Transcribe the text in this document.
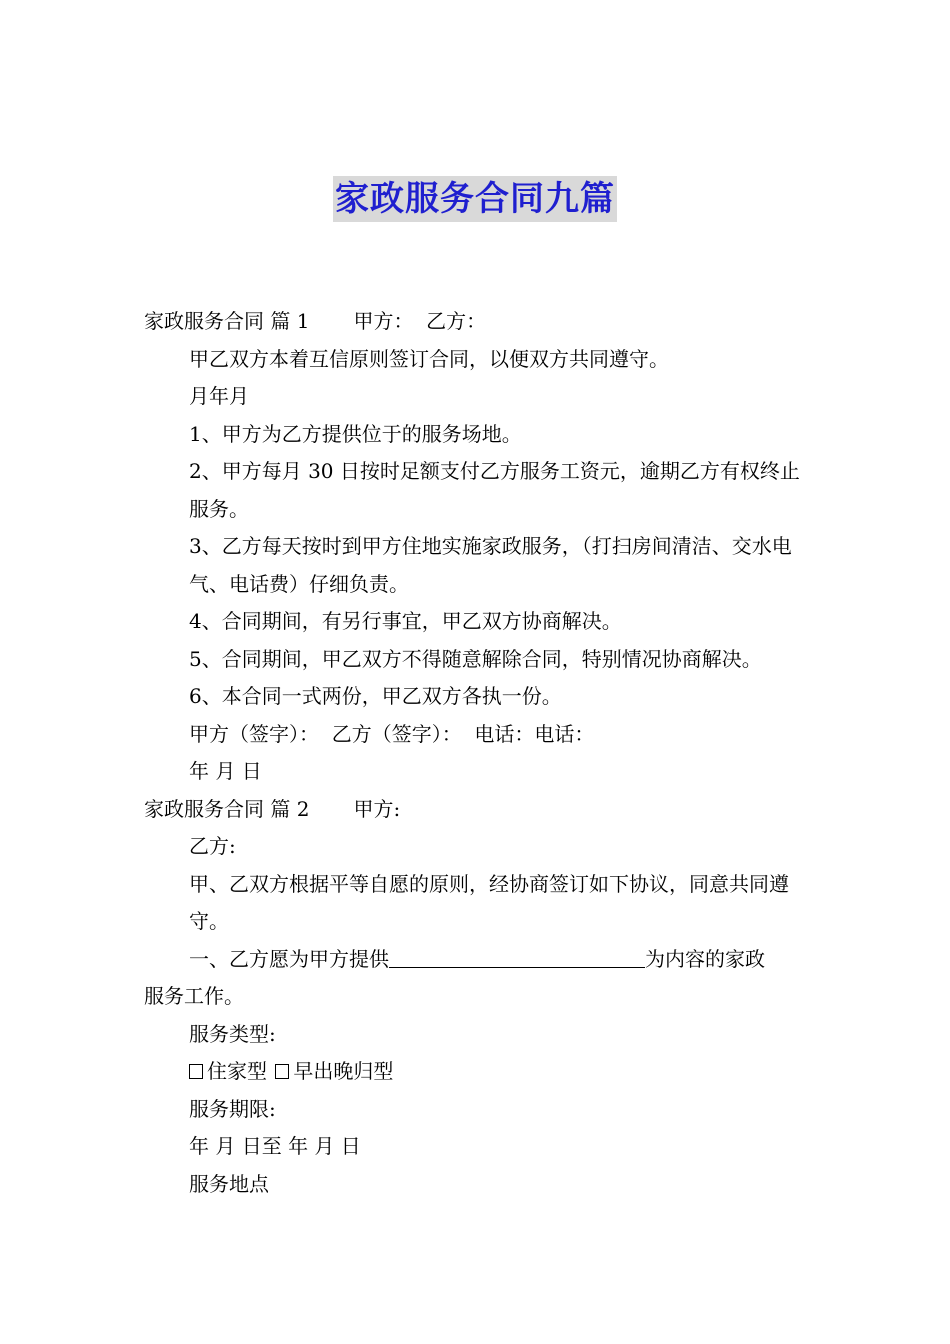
家政服务合同九篇

家政服务合同 篇 1 甲方： 乙方：

甲乙双方本着互信原则签订合同，以便双方共同遵守。

月年月

1、甲方为乙方提供位于的服务场地。

2、甲方每月 30 日按时足额支付乙方服务工资元，逾期乙方有权终止服务。

3、乙方每天按时到甲方住地实施家政服务，（打扫房间清洁、交水电气、电话费）仔细负责。

4、合同期间，有另行事宜，甲乙双方协商解决。

5、合同期间，甲乙双方不得随意解除合同，特别情况协商解决。

6、本合同一式两份，甲乙双方各执一份。

甲方（签字）：  乙方（签字）：  电话：电话：

年 月 日

家政服务合同 篇 2 甲方:

乙方:

甲、乙双方根据平等自愿的原则，经协商签订如下协议，同意共同遵守。

一、乙方愿为甲方提供	为内容的家政

服务工作。

服务类型:

住家型 早出晚归型

服务期限:

年 月 日至 年 月 日

服务地点
